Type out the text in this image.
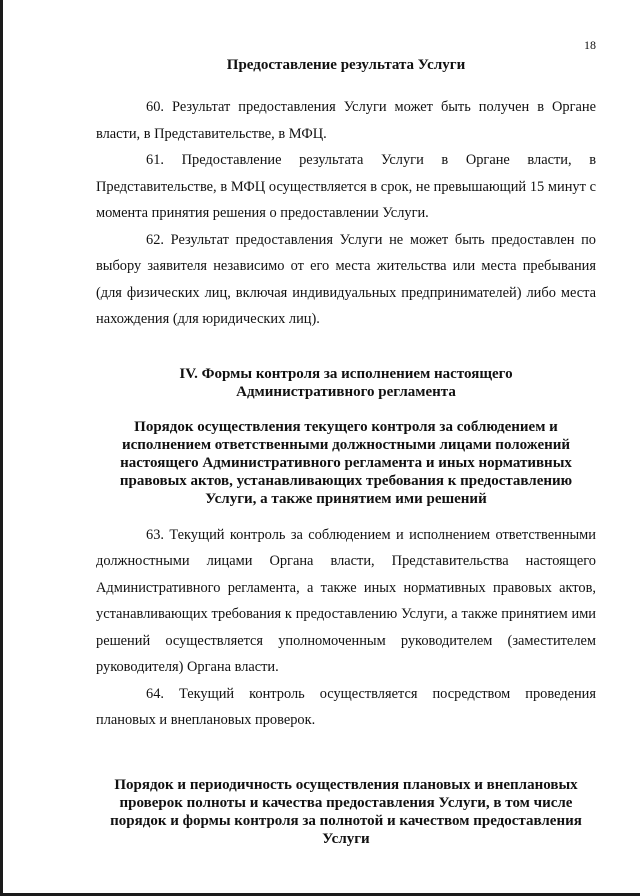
18

Предоставление результата Услуги

60. Результат предоставления Услуги может быть получен в Органе власти, в Представительстве, в МФЦ.

61. Предоставление результата Услуги в Органе власти, в Представительстве, в МФЦ осуществляется в срок, не превышающий 15 минут с момента принятия решения о предоставлении Услуги.

62. Результат предоставления Услуги не может быть предоставлен по выбору заявителя независимо от его места жительства или места пребывания (для физических лиц, включая индивидуальных предпринимателей) либо места нахождения (для юридических лиц).

IV. Формы контроля за исполнением настоящего

Административного регламента

Порядок осуществления текущего контроля за соблюдением и исполнением ответственными должностными лицами положений настоящего Административного регламента и иных нормативных правовых актов, устанавливающих требования к предоставлению Услуги, а также принятием ими решений

63. Текущий контроль за соблюдением и исполнением ответственными должностными лицами Органа власти, Представительства настоящего Административного регламента, а также иных нормативных правовых актов, устанавливающих требования к предоставлению Услуги, а также принятием ими решений осуществляется уполномоченным руководителем (заместителем руководителя) Органа власти.

64. Текущий контроль осуществляется посредством проведения плановых и внеплановых проверок.

Порядок и периодичность осуществления плановых и внеплановых проверок полноты и качества предоставления Услуги, в том числе порядок и формы контроля за полнотой и качеством предоставления Услуги
